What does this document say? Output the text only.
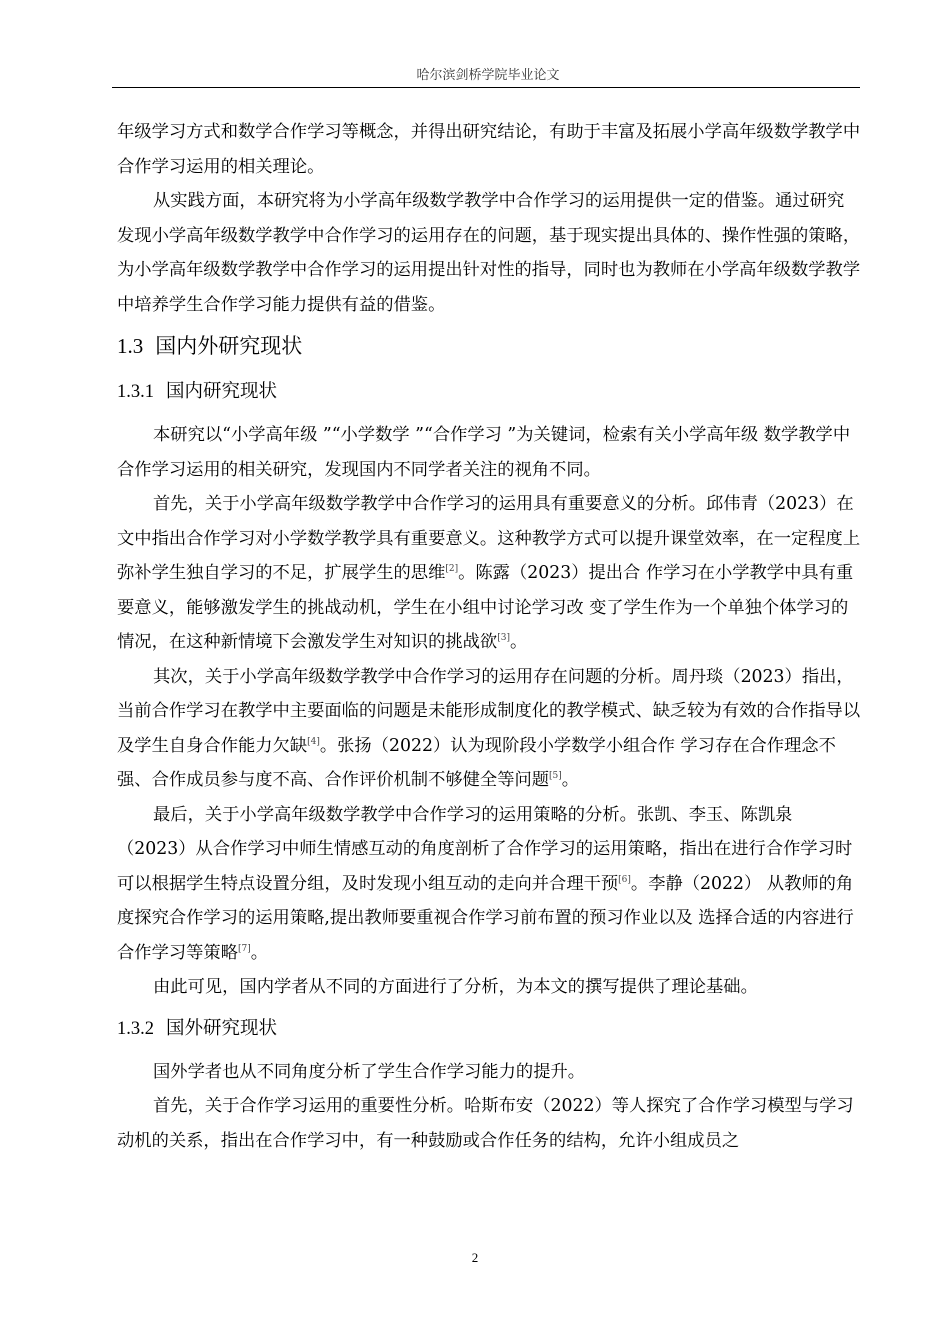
哈尔滨剑桥学院毕业论文

年级学习方式和数学合作学习等概念，并得出研究结论，有助于丰富及拓展小学高年级数学教学中合作学习运用的相关理论。

从实践方面，本研究将为小学高年级数学教学中合作学习的运用提供一定的借鉴。通过研究发现小学高年级数学教学中合作学习的运用存在的问题，基于现实提出具体的、操作性强的策略，为小学高年级数学教学中合作学习的运用提出针对性的指导，同时也为教师在小学高年级数学教学中培养学生合作学习能力提供有益的借鉴。

1.3 国内外研究现状
1.3.1 国内研究现状

本研究以“小学高年级 ”“小学数学 ”“合作学习 ”为关键词，检索有关小学高年级 数学教学中合作学习运用的相关研究，发现国内不同学者关注的视角不同。

首先，关于小学高年级数学教学中合作学习的运用具有重要意义的分析。邱伟青（2023）在文中指出合作学习对小学数学教学具有重要意义。这种教学方式可以提升课堂效率，在一定程度上弥补学生独自学习的不足，扩展学生的思维[2]。陈露（2023）提出合 作学习在小学教学中具有重要意义，能够激发学生的挑战动机，学生在小组中讨论学习改 变了学生作为一个单独个体学习的情况，在这种新情境下会激发学生对知识的挑战欲[3]。

其次，关于小学高年级数学教学中合作学习的运用存在问题的分析。周丹琰（2023）指出，当前合作学习在教学中主要面临的问题是未能形成制度化的教学模式、缺乏较为有效的合作指导以及学生自身合作能力欠缺[4]。张扬（2022）认为现阶段小学数学小组合作 学习存在合作理念不强、合作成员参与度不高、合作评价机制不够健全等问题[5]。

最后，关于小学高年级数学教学中合作学习的运用策略的分析。张凯、李玉、陈凯泉（2023）从合作学习中师生情感互动的角度剖析了合作学习的运用策略，指出在进行合作学习时可以根据学生特点设置分组，及时发现小组互动的走向并合理干预[6]。李静（2022） 从教师的角度探究合作学习的运用策略,提出教师要重视合作学习前布置的预习作业以及 选择合适的内容进行合作学习等策略[7]。

由此可见，国内学者从不同的方面进行了分析，为本文的撰写提供了理论基础。

1.3.2 国外研究现状

国外学者也从不同角度分析了学生合作学习能力的提升。

首先，关于合作学习运用的重要性分析。哈斯布安（2022）等人探究了合作学习模型与学习动机的关系，指出在合作学习中，有一种鼓励或合作任务的结构，允许小组成员之

2
